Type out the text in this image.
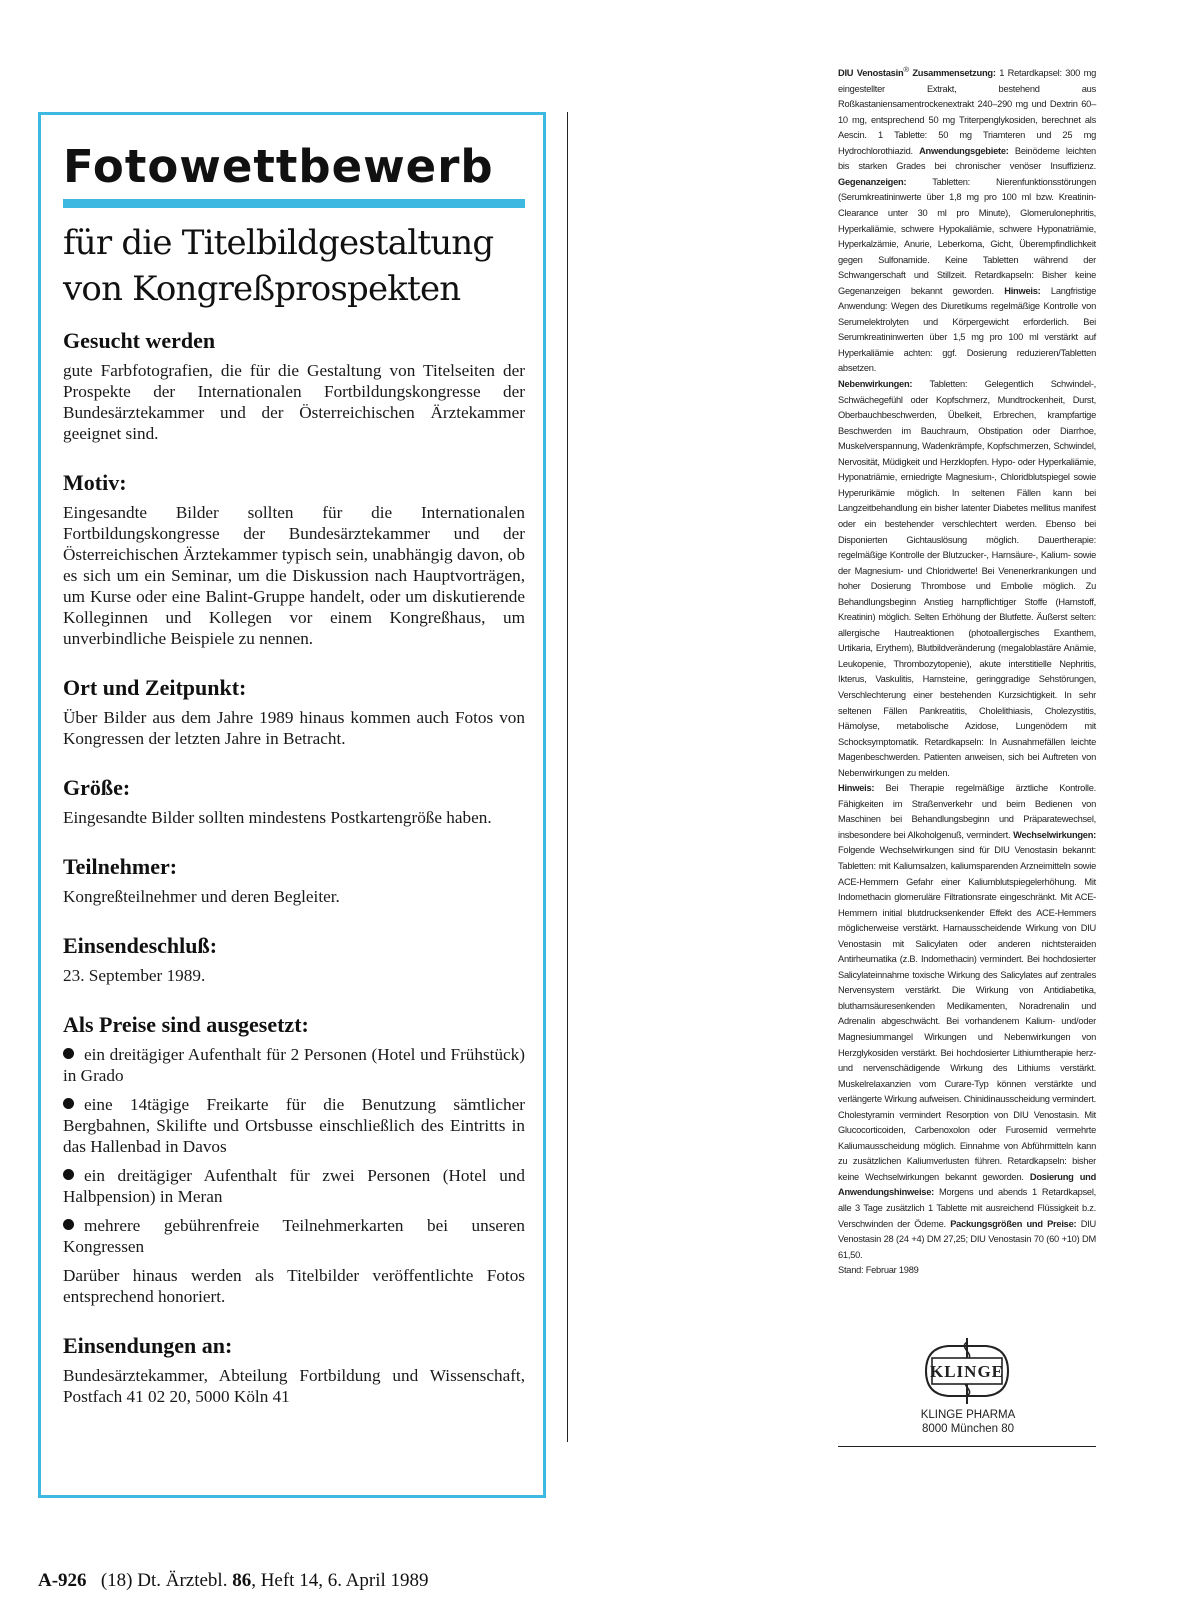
Fotowettbewerb
für die Titelbildgestaltung
von Kongreßprospekten
Gesucht werden
gute Farbfotografien, die für die Gestaltung von Titelseiten der Prospekte der Internationalen Fortbildungskongresse der Bundesärztekammer und der Österreichischen Ärztekammer geeignet sind.
Motiv:
Eingesandte Bilder sollten für die Internationalen Fortbildungskongresse der Bundesärztekammer und der Österreichischen Ärztekammer typisch sein, unabhängig davon, ob es sich um ein Seminar, um die Diskussion nach Hauptvorträgen, um Kurse oder eine Balint-Gruppe handelt, oder um diskutierende Kolleginnen und Kollegen vor einem Kongreßhaus, um unverbindliche Beispiele zu nennen.
Ort und Zeitpunkt:
Über Bilder aus dem Jahre 1989 hinaus kommen auch Fotos von Kongressen der letzten Jahre in Betracht.
Größe:
Eingesandte Bilder sollten mindestens Postkartengröße haben.
Teilnehmer:
Kongreßteilnehmer und deren Begleiter.
Einsendeschluß:
23. September 1989.
Als Preise sind ausgesetzt:
ein dreitägiger Aufenthalt für 2 Personen (Hotel und Frühstück) in Grado
eine 14tägige Freikarte für die Benutzung sämtlicher Bergbahnen, Skilifte und Ortsbusse einschließlich des Eintritts in das Hallenbad in Davos
ein dreitägiger Aufenthalt für zwei Personen (Hotel und Halbpension) in Meran
mehrere gebührenfreie Teilnehmerkarten bei unseren Kongressen
Darüber hinaus werden als Titelbilder veröffentlichte Fotos entsprechend honoriert.
Einsendungen an:
Bundesärztekammer, Abteilung Fortbildung und Wissenschaft, Postfach 41 02 20, 5000 Köln 41
A-926 (18) Dt. Ärztebl. 86, Heft 14, 6. April 1989
DIU Venostasin® Zusammensetzung: 1 Retardkapsel: 300 mg eingestellter Extrakt, bestehend aus Roßkastaniensamentrockenextrakt 240–290 mg und Dextrin 60–10 mg, entsprechend 50 mg Triterpenglykosiden, berechnet als Aescin. 1 Tablette: 50 mg Triamteren und 25 mg Hydrochlorothiazid. Anwendungsgebiete: Beinödeme leichten bis starken Grades bei chronischer venöser Insuffizienz. Gegenanzeigen:	Tabletten: Nierenfunktionsstörungen (Serumkreatininwerte über 1,8 mg pro 100 ml bzw. Kreatinin-Clearance unter 30 ml pro Minute), Glomerulonephritis, Hyperkaliämie, schwere Hypokaliämie, schwere Hyponatriämie, Hyperkalzämie, Anurie, Leberkoma, Gicht, Überempfindlichkeit gegen Sulfonamide. Keine Tabletten während der Schwangerschaft und Stillzeit. Retardkapseln: Bisher keine Gegenanzeigen bekannt geworden. Hinweis: Langfristige Anwendung: Wegen des Diuretikums regelmäßige Kontrolle von Serumelektrolyten und Körpergewicht erforderlich. Bei Serumkreatininwerten über 1,5 mg pro 100 ml verstärkt auf Hyperkaliämie achten: ggf. Dosierung reduzieren/Tabletten absetzen.
Nebenwirkungen: Tabletten: Gelegentlich Schwindel-, Schwächegefühl oder Kopfschmerz, Mundtrockenheit, Durst, Oberbauchbeschwerden, Übelkeit, Erbrechen, krampfartige Beschwerden im Bauchraum, Obstipation oder Diarrhoe, Muskelverspannung, Wadenkrämpfe, Kopfschmerzen, Schwindel, Nervosität, Müdigkeit und Herzklopfen. Hypo- oder Hyperkaliämie, Hyponatriämie, erniedrigte Magnesium-, Chloridblutspiegel sowie Hyperurikämie möglich. In seltenen Fällen kann bei Langzeitbehandlung ein bisher latenter Diabetes mellitus manifest oder ein bestehender verschlechtert werden. Ebenso bei Disponierten Gichtauslösung möglich. Dauertherapie: regelmäßige Kontrolle der Blutzucker-, Harnsäure-, Kalium- sowie der Magnesium- und Chloridwerte! Bei Venenerkrankungen und hoher Dosierung Thrombose und Embolie möglich. Zu Behandlungsbeginn Anstieg harnpflichtiger Stoffe (Harnstoff, Kreatinin) möglich. Selten Erhöhung der Blutfette. Äußerst selten: allergische Hautreaktionen (photoallergisches Exanthem, Urtikaria, Erythem), Blutbildveränderung (megaloblastäre Anämie, Leukopenie, Thrombozytopenie), akute interstitielle Nephritis, Ikterus, Vaskulitis, Harnsteine, geringgradige Sehstörungen, Verschlechterung einer bestehenden Kurzsichtigkeit. In sehr seltenen Fällen Pankreatitis, Cholelithiasis, Cholezystitis, Hämolyse, metabolische Azidose, Lungenödem mit Schocksymptomatik. Retardkapseln: In Ausnahmefällen leichte Magenbeschwerden. Patienten anweisen, sich bei Auftreten von Nebenwirkungen zu melden.
Hinweis: Bei Therapie regelmäßige ärztliche Kontrolle. Fähigkeiten im Straßenverkehr und beim Bedienen von Maschinen bei Behandlungsbeginn und Präparatewechsel, insbesondere bei Alkoholgenuß, vermindert. Wechselwirkungen: Folgende Wechselwirkungen sind für DIU Venostasin bekannt: Tabletten: mit Kaliumsalzen, kaliumsparenden Arzneimitteln sowie ACE-Hemmern Gefahr einer Kaliumblutspiegelerhöhung. Mit Indomethacin glomeruläre Filtrationsrate eingeschränkt. Mit ACE-Hemmern initial blutdrucksenkender Effekt des ACE-Hemmers möglicherweise verstärkt. Harnausscheidende Wirkung von DIU Venostasin mit Salicylaten oder anderen nichtsteraiden Antirheumatika (z.B. Indomethacin) vermindert. Bei hochdosierter Salicylateinnahme toxische Wirkung des Salicylates auf zentrales Nervensystem verstärkt. Die Wirkung von Antidiabetika, blutharnsäuresenkenden Medikamenten, Noradrenalin und Adrenalin abgeschwächt. Bei vorhandenem Kalium- und/oder Magnesiummangel Wirkungen und Nebenwirkungen von Herzglykosiden verstärkt. Bei hochdosierter Lithiumtherapie herz- und nervenschädigende Wirkung des Lithiums verstärkt. Muskelrelaxanzien vom Curare-Typ können verstärkte und verlängerte Wirkung aufweisen. Chinidinausscheidung vermindert. Cholestyramin vermindert Resorption von DIU Venostasin. Mit Glucocorticoiden, Carbenoxolon oder Furosemid vermehrte Kaliumausscheidung möglich. Einnahme von Abführmitteln kann zu zusätzlichen Kaliumverlusten führen. Retardkapseln: bisher keine Wechselwirkungen bekannt geworden. Dosierung und Anwendungshinweise: Morgens und abends 1 Retardkapsel, alle 3 Tage zusätzlich 1 Tablette mit ausreichend Flüssigkeit b.z. Verschwinden der Ödeme. Packungsgrößen und Preise: DIU Venostasin 28 (24 +4) DM 27,25; DIU Venostasin 70 (60 +10) DM 61,50.
Stand: Februar 1989
KLINGE
KLINGE PHARMA
8000 München 80
